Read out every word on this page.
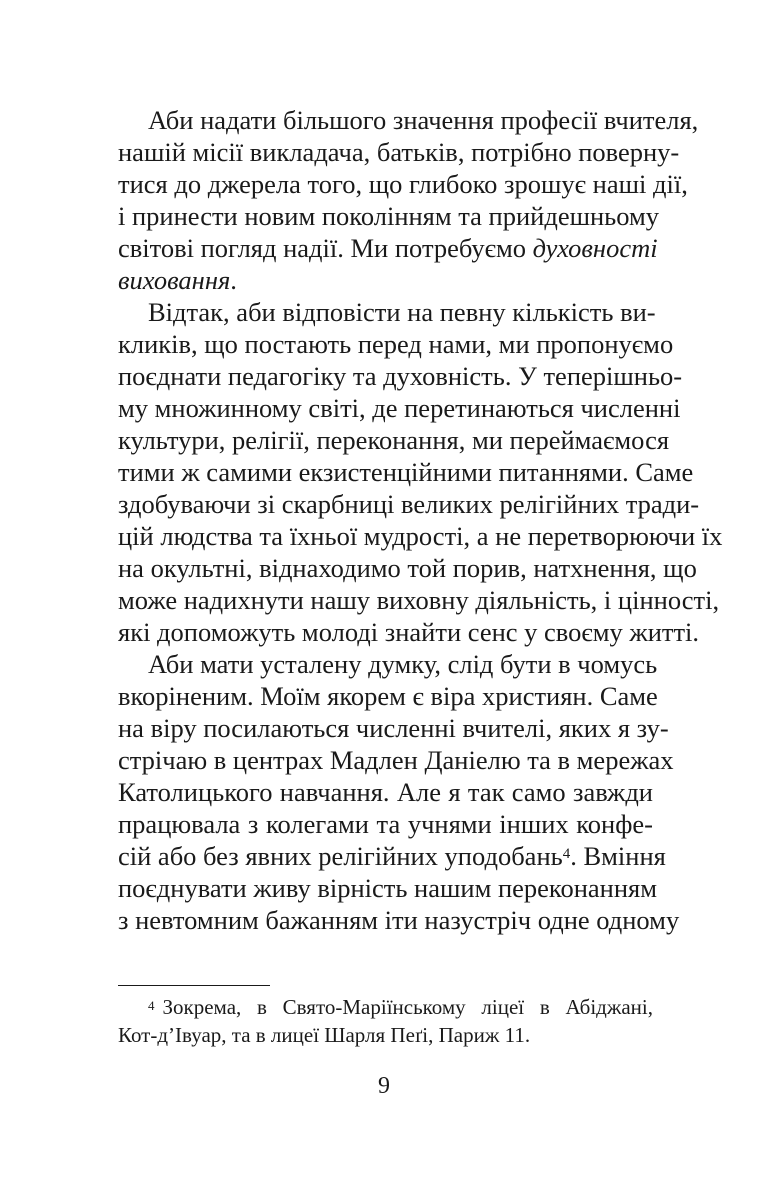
Аби надати більшого значення професії вчителя,
нашій місії викладача, батьків, потрібно поверну-
тися до джерела того, що глибоко зрошує наші дії,
і принести новим поколінням та прийдешньому
світові погляд надії. Ми потребуємо духовності
виховання.
Відтак, аби відповісти на певну кількість ви-
кликів, що постають перед нами, ми пропонуємо
поєднати педагогіку та духовність. У теперішньо-
му множинному світі, де перетинаються численні
культури, релігії, переконання, ми переймаємося
тими ж самими екзистенційними питаннями. Саме
здобуваючи зі скарбниці великих релігійних тради-
цій людства та їхньої мудрості, а не перетворюючи їх
на окультні, віднаходимо той порив, натхнення, що
може надихнути нашу виховну діяльність, і цінності,
які допоможуть молоді знайти сенс у своєму житті.
Аби мати усталену думку, слід бути в чомусь
вкоріненим. Моїм якорем є віра християн. Саме
на віру посилаються численні вчителі, яких я зу-
стрічаю в центрах Мадлен Даніелю та в мережах
Католицького навчання. Але я так само завжди
працювала з колегами та учнями інших конфе-
сій або без явних релігійних уподобань$^4$. Вміння
поєднувати живу вірність нашим переконанням
з невтомним бажанням іти назустріч одне одному
$^4$ Зокрема, в Свято-Маріїнському ліцеї в Абіджані,
Кот-д’Івуар, та в лицеї Шарля Пеґі, Париж 11.
9
